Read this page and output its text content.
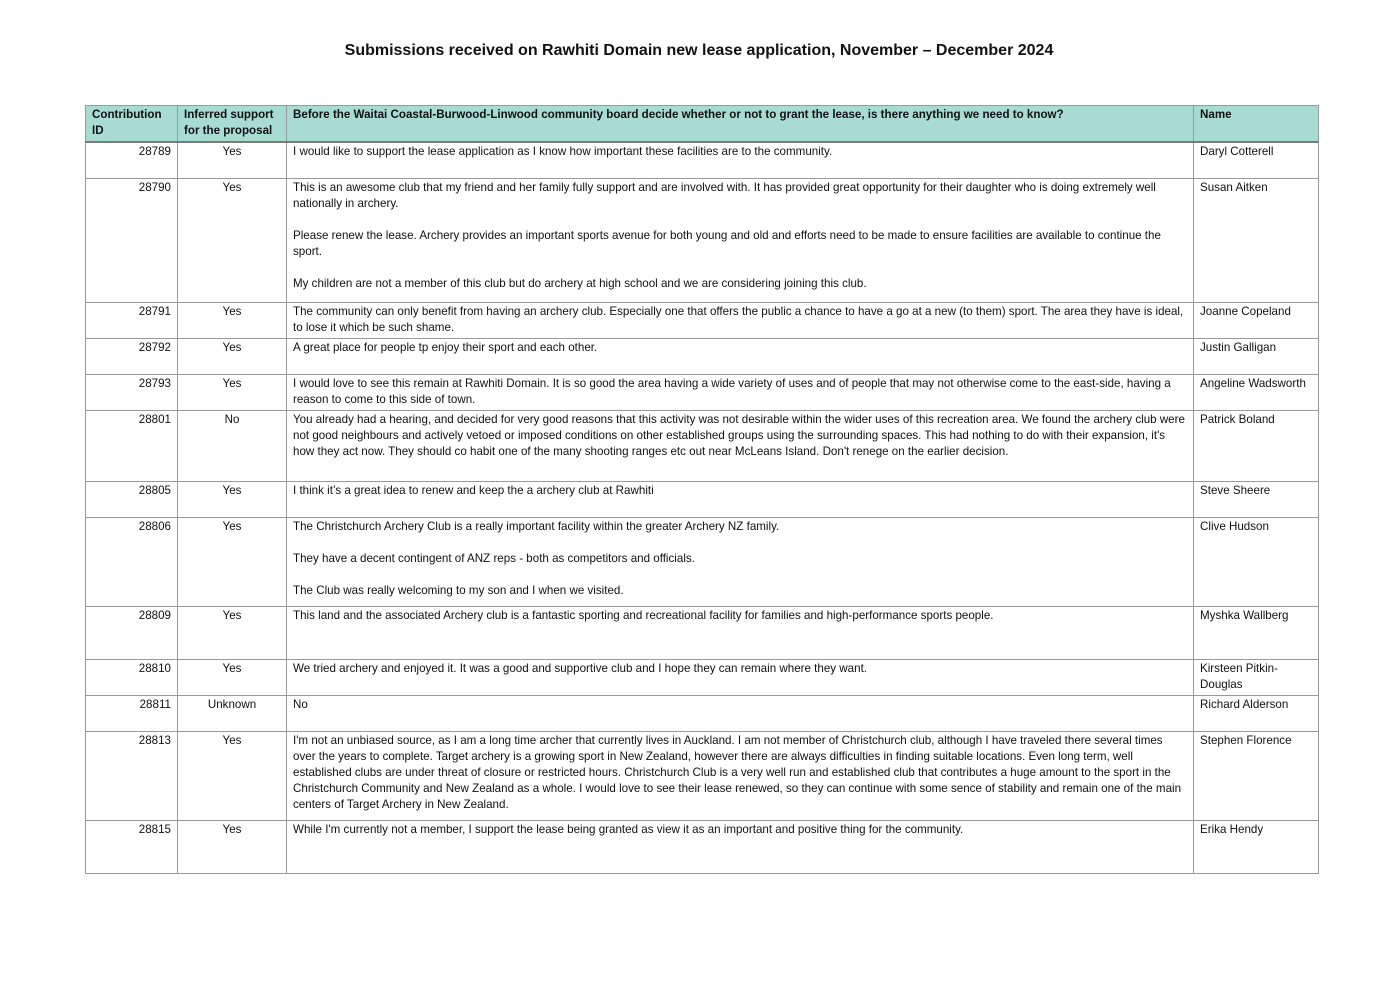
Submissions received on Rawhiti Domain new lease application, November – December 2024
Contribution ID	Inferred support for the proposal	Before the Waitai Coastal-Burwood-Linwood community board decide whether or not to grant the lease, is there anything we need to know?	Name
28789	Yes	I would like to support the lease application as I know how important these facilities are to the community.	Daryl Cotterell
28790	Yes	This is an awesome club that my friend and her family fully support and are involved with. It has provided great opportunity for their daughter who is doing extremely well nationally in archery.

Please renew the lease. Archery provides an important sports avenue for both young and old and efforts need to be made to ensure facilities are available to continue the sport.

My children are not a member of this club but do archery at high school and we are considering joining this club.	Susan Aitken
28791	Yes	The community can only benefit from having an archery club. Especially one that offers the public a chance to have a go at a new (to them) sport. The area they have is ideal, to lose it which be such shame.	Joanne Copeland
28792	Yes	A great place for people tp enjoy their sport and each other.	Justin Galligan
28793	Yes	I would love to see this remain at Rawhiti Domain. It is so good the area having a wide variety of uses and of people that may not otherwise come to the east-side, having a reason to come to this side of town.	Angeline Wadsworth
28801	No	You already had a hearing, and decided for very good reasons that this activity was not desirable within the wider uses of this recreation area. We found the archery club were not good neighbours and actively vetoed or imposed conditions on other established groups using the surrounding spaces. This had nothing to do with their expansion, it's how they act now. They should co habit one of the many shooting ranges etc out near McLeans Island. Don't renege on the earlier decision.	Patrick Boland
28805	Yes	I think it’s a great idea to renew and keep the a archery club at Rawhiti	Steve Sheere
28806	Yes	The Christchurch Archery Club is a really important facility within the greater Archery NZ family.

They have a decent contingent of ANZ reps - both as competitors and officials.

The Club was really welcoming to my son and I when we visited.	Clive Hudson
28809	Yes	This land and the associated Archery club is a fantastic sporting and recreational facility for families and high-performance sports people.	Myshka Wallberg
28810	Yes	We tried archery and enjoyed it. It was a good and supportive club and I hope they can remain where they want.	Kirsteen Pitkin-Douglas
28811	Unknown	No	Richard Alderson
28813	Yes	I'm not an unbiased source, as I am a long time archer that currently lives in Auckland. I am not member of Christchurch club, although I have traveled there several times over the years to complete. Target archery is a growing sport in New Zealand, however there are always difficulties in finding suitable locations. Even long term, well established clubs are under threat of closure or restricted hours. Christchurch Club is a very well run and established club that contributes a huge amount to the sport in the Christchurch Community and New Zealand as a whole. I would love to see their lease renewed, so they can continue with some sence of stability and remain one of the main centers of Target Archery in New Zealand.	Stephen Florence
28815	Yes	While I'm currently not a member, I support the lease being granted as view it as an important and positive thing for the community.	Erika Hendy
